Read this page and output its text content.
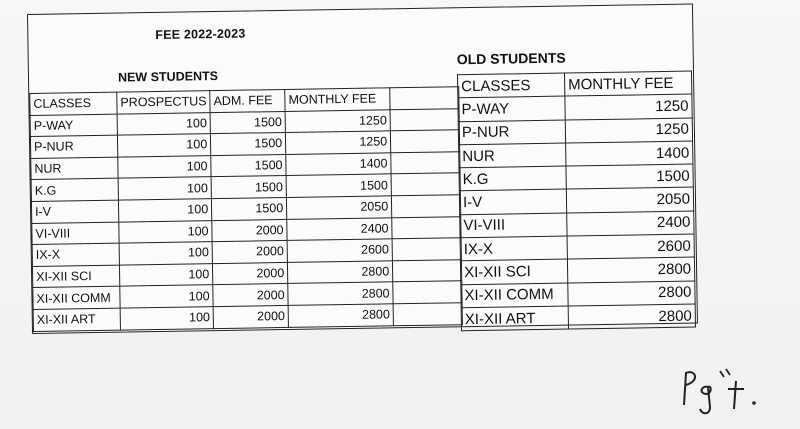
FEE 2022-2023
NEW STUDENTS
OLD STUDENTS
CLASSES	PROSPECTUS	ADM. FEE	MONTHLY FEE	
P-WAY	100	1500	1250	
P-NUR	100	1500	1250	
NUR	100	1500	1400	
K.G	100	1500	1500	
I-V	100	1500	2050	
VI-VIII	100	2000	2400	
IX-X	100	2000	2600	
XI-XII SCI	100	2000	2800	
XI-XII COMM	100	2000	2800	
XI-XII ART	100	2000	2800	
CLASSES	MONTHLY FEE
P-WAY	1250
P-NUR	1250
NUR	1400
K.G	1500
I-V	2050
VI-VIII	2400
IX-X	2600
XI-XII SCI	2800
XI-XII COMM	2800
XI-XII ART	2800
